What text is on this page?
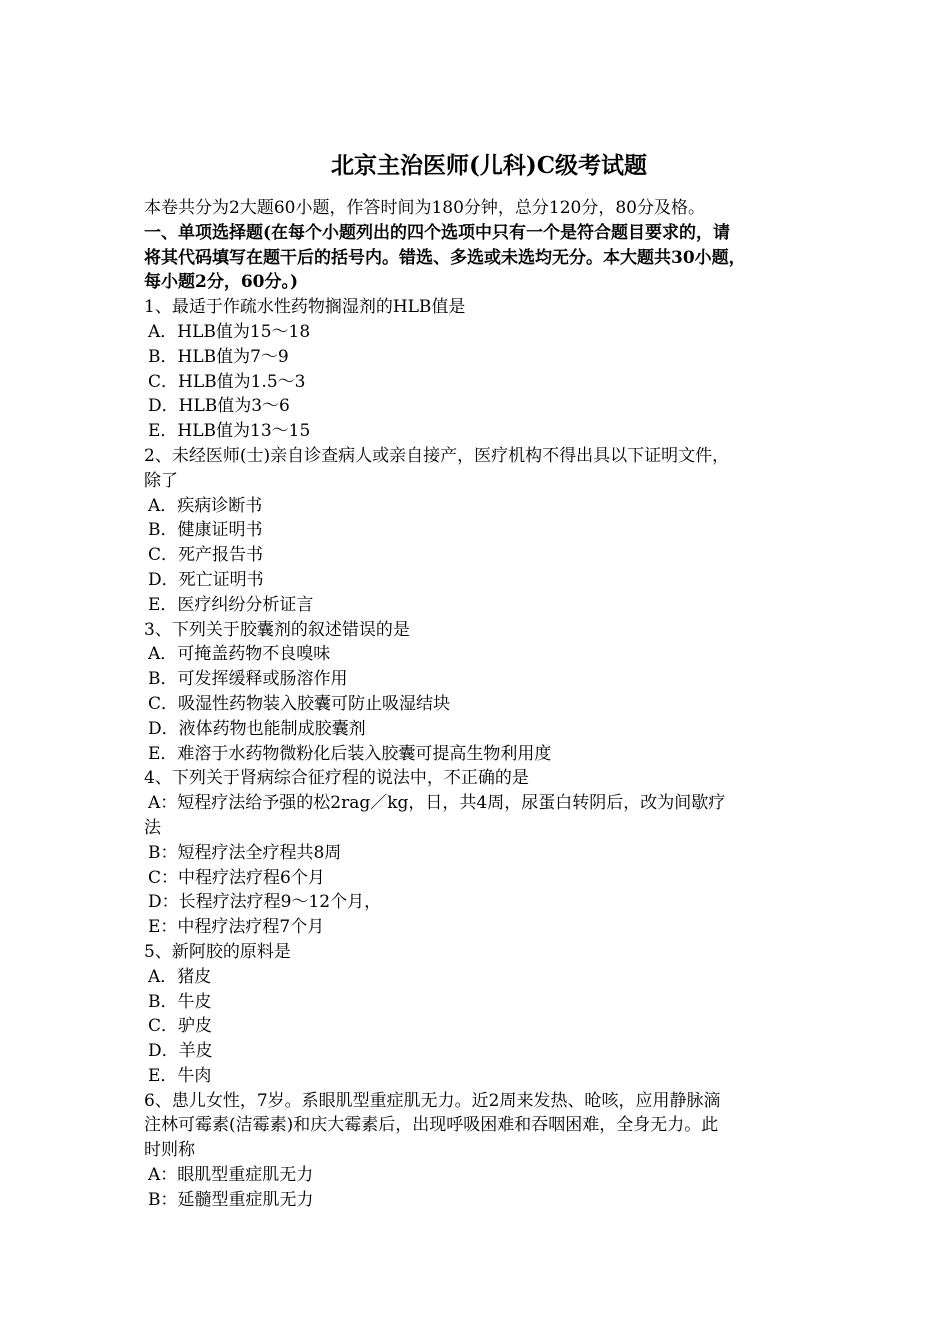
北京主治医师(儿科)C级考试题

本卷共分为2大题60小题，作答时间为180分钟，总分120分，80分及格。

一、单项选择题(在每个小题列出的四个选项中只有一个是符合题目要求的，请

将其代码填写在题干后的括号内。错选、多选或未选均无分。本大题共30小题，

每小题2分，60分。)

1、最适于作疏水性药物搁湿剂的HLB值是

A．HLB值为15～18

B．HLB值为7～9

C．HLB值为1.5～3

D．HLB值为3～6

E．HLB值为13～15

2、未经医师(士)亲自诊查病人或亲自接产，医疗机构不得出具以下证明文件，

除了

A．疾病诊断书

B．健康证明书

C．死产报告书

D．死亡证明书

E．医疗纠纷分析证言

3、下列关于胶囊剂的叙述错误的是

A．可掩盖药物不良嗅味

B．可发挥缓释或肠溶作用

C．吸湿性药物装入胶囊可防止吸湿结块

D．液体药物也能制成胶囊剂

E．难溶于水药物微粉化后装入胶囊可提高生物利用度

4、下列关于肾病综合征疗程的说法中，不正确的是

A：短程疗法给予强的松2rag／kg，日，共4周，尿蛋白转阴后，改为间歇疗

法

B：短程疗法全疗程共8周

C：中程疗法疗程6个月

D：长程疗法疗程9～12个月，

E：中程疗法疗程7个月

5、新阿胶的原料是

A．猪皮

B．牛皮

C．驴皮

D．羊皮

E．牛肉

6、患儿女性，7岁。系眼肌型重症肌无力。近2周来发热、呛咳，应用静脉滴

注林可霉素(洁霉素)和庆大霉素后，出现呼吸困难和吞咽困难，全身无力。此

时则称

A：眼肌型重症肌无力

B：延髓型重症肌无力
